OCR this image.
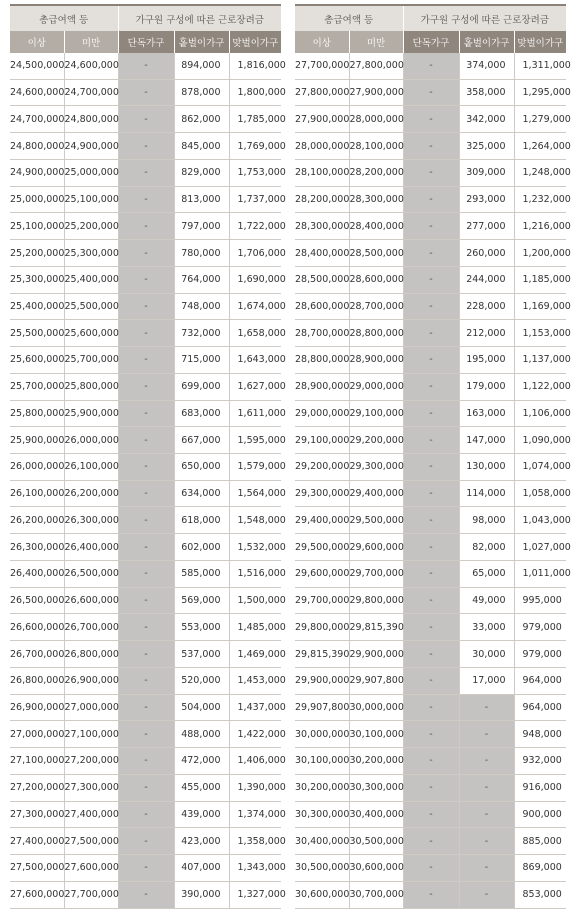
총급여액 등		가구원 구성에 따른 근로장려금		
이상	미만	단독가구	홑벌이가구	맞벌이가구
24,500,000	24,600,000	-	894,000	1,816,000
24,600,000	24,700,000	-	878,000	1,800,000
24,700,000	24,800,000	-	862,000	1,785,000
24,800,000	24,900,000	-	845,000	1,769,000
24,900,000	25,000,000	-	829,000	1,753,000
25,000,000	25,100,000	-	813,000	1,737,000
25,100,000	25,200,000	-	797,000	1,722,000
25,200,000	25,300,000	-	780,000	1,706,000
25,300,000	25,400,000	-	764,000	1,690,000
25,400,000	25,500,000	-	748,000	1,674,000
25,500,000	25,600,000	-	732,000	1,658,000
25,600,000	25,700,000	-	715,000	1,643,000
25,700,000	25,800,000	-	699,000	1,627,000
25,800,000	25,900,000	-	683,000	1,611,000
25,900,000	26,000,000	-	667,000	1,595,000
26,000,000	26,100,000	-	650,000	1,579,000
26,100,000	26,200,000	-	634,000	1,564,000
26,200,000	26,300,000	-	618,000	1,548,000
26,300,000	26,400,000	-	602,000	1,532,000
26,400,000	26,500,000	-	585,000	1,516,000
26,500,000	26,600,000	-	569,000	1,500,000
26,600,000	26,700,000	-	553,000	1,485,000
26,700,000	26,800,000	-	537,000	1,469,000
26,800,000	26,900,000	-	520,000	1,453,000
26,900,000	27,000,000	-	504,000	1,437,000
27,000,000	27,100,000	-	488,000	1,422,000
27,100,000	27,200,000	-	472,000	1,406,000
27,200,000	27,300,000	-	455,000	1,390,000
27,300,000	27,400,000	-	439,000	1,374,000
27,400,000	27,500,000	-	423,000	1,358,000
27,500,000	27,600,000	-	407,000	1,343,000
27,600,000	27,700,000	-	390,000	1,327,000
총급여액 등		가구원 구성에 따른 근로장려금		
이상	미만	단독가구	홑벌이가구	맞벌이가구
27,700,000	27,800,000	-	374,000	1,311,000
27,800,000	27,900,000	-	358,000	1,295,000
27,900,000	28,000,000	-	342,000	1,279,000
28,000,000	28,100,000	-	325,000	1,264,000
28,100,000	28,200,000	-	309,000	1,248,000
28,200,000	28,300,000	-	293,000	1,232,000
28,300,000	28,400,000	-	277,000	1,216,000
28,400,000	28,500,000	-	260,000	1,200,000
28,500,000	28,600,000	-	244,000	1,185,000
28,600,000	28,700,000	-	228,000	1,169,000
28,700,000	28,800,000	-	212,000	1,153,000
28,800,000	28,900,000	-	195,000	1,137,000
28,900,000	29,000,000	-	179,000	1,122,000
29,000,000	29,100,000	-	163,000	1,106,000
29,100,000	29,200,000	-	147,000	1,090,000
29,200,000	29,300,000	-	130,000	1,074,000
29,300,000	29,400,000	-	114,000	1,058,000
29,400,000	29,500,000	-	98,000	1,043,000
29,500,000	29,600,000	-	82,000	1,027,000
29,600,000	29,700,000	-	65,000	1,011,000
29,700,000	29,800,000	-	49,000	995,000
29,800,000	29,815,390	-	33,000	979,000
29,815,390	29,900,000	-	30,000	979,000
29,900,000	29,907,800	-	17,000	964,000
29,907,800	30,000,000	-	-	964,000
30,000,000	30,100,000	-	-	948,000
30,100,000	30,200,000	-	-	932,000
30,200,000	30,300,000	-	-	916,000
30,300,000	30,400,000	-	-	900,000
30,400,000	30,500,000	-	-	885,000
30,500,000	30,600,000	-	-	869,000
30,600,000	30,700,000	-	-	853,000
